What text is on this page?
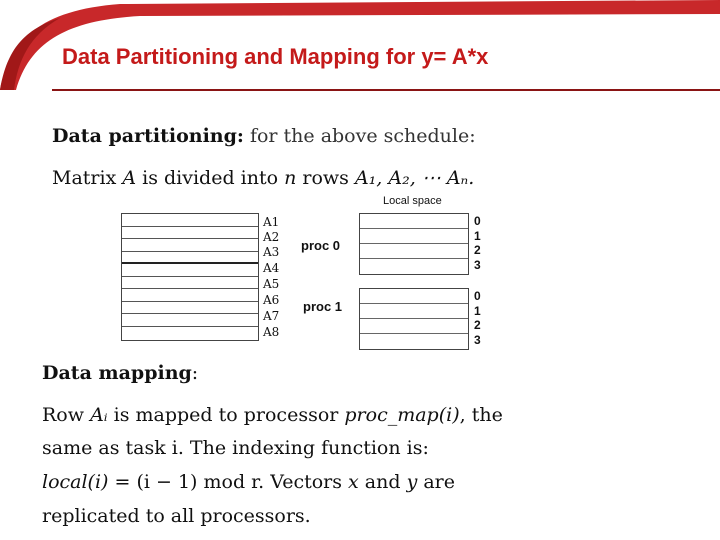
Data Partitioning and Mapping for y= A*x
Data partitioning: for the above schedule:
Matrix A is divided into n rows A₁, A₂, ⋯ Aₙ.
A1
A2
A3
A4
A5
A6
A7
A8
proc 0
proc 1
Local space
0
1
2
3
0
1
2
3
Data mapping:
Row Aᵢ is mapped to processor proc_map(i), the
same as task i. The indexing function is:
local(i) = (i − 1) mod r. Vectors x and y are
replicated to all processors.
